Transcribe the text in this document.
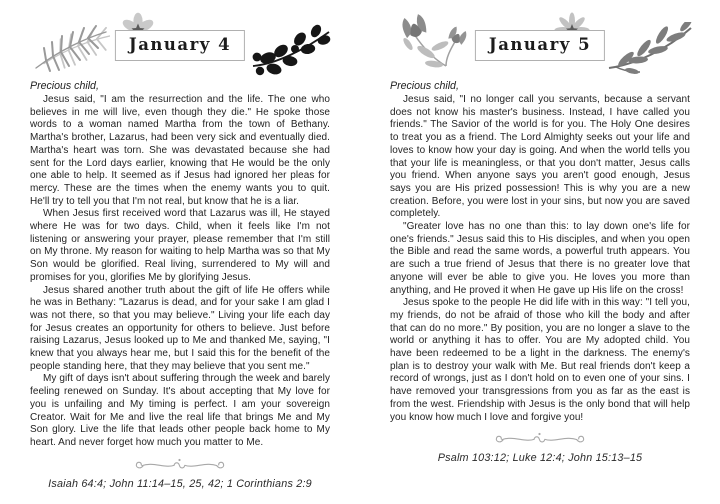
January 4
Precious child,

Jesus said, "I am the resurrection and the life. The one who believes in me will live, even though they die." He spoke those words to a woman named Martha from the town of Bethany. Martha's brother, Lazarus, had been very sick and eventually died. Martha's heart was torn. She was devastated because she had sent for the Lord days earlier, knowing that He would be the only one able to help. It seemed as if Jesus had ignored her pleas for mercy. These are the times when the enemy wants you to quit. He'll try to tell you that I'm not real, but know that he is a liar.

When Jesus first received word that Lazarus was ill, He stayed where He was for two days. Child, when it feels like I'm not listening or answering your prayer, please remember that I'm still on My throne. My reason for waiting to help Martha was so that My Son would be glorified. Real living, surrendered to My will and promises for you, glorifies Me by glorifying Jesus.

Jesus shared another truth about the gift of life He offers while he was in Bethany: "Lazarus is dead, and for your sake I am glad I was not there, so that you may believe." Living your life each day for Jesus creates an opportunity for others to believe. Just before raising Lazarus, Jesus looked up to Me and thanked Me, saying, "I knew that you always hear me, but I said this for the benefit of the people standing here, that they may believe that you sent me."

My gift of days isn't about suffering through the week and barely feeling renewed on Sunday. It's about accepting that My love for you is unfailing and My timing is perfect. I am your sovereign Creator. Wait for Me and live the real life that brings Me and My Son glory. Live the life that leads other people back home to My heart. And never forget how much you matter to Me.

Isaiah 64:4; John 11:14–15, 25, 42; 1 Corinthians 2:9
January 5
Precious child,

Jesus said, "I no longer call you servants, because a servant does not know his master's business. Instead, I have called you friends." The Savior of the world is for you. The Holy One desires to treat you as a friend. The Lord Almighty seeks out your life and loves to know how your day is going. And when the world tells you that your life is meaningless, or that you don't matter, Jesus calls you friend. When anyone says you aren't good enough, Jesus says you are His prized possession! This is why you are a new creation. Before, you were lost in your sins, but now you are saved completely.

"Greater love has no one than this: to lay down one's life for one's friends." Jesus said this to His disciples, and when you open the Bible and read the same words, a powerful truth appears. You are such a true friend of Jesus that there is no greater love that anyone will ever be able to give you. He loves you more than anything, and He proved it when He gave up His life on the cross!

Jesus spoke to the people He did life with in this way: "I tell you, my friends, do not be afraid of those who kill the body and after that can do no more." By position, you are no longer a slave to the world or anything it has to offer. You are My adopted child. You have been redeemed to be a light in the darkness. The enemy's plan is to destroy your walk with Me. But real friends don't keep a record of wrongs, just as I don't hold on to even one of your sins. I have removed your transgressions from you as far as the east is from the west. Friendship with Jesus is the only bond that will help you know how much I love and forgive you!

Psalm 103:12; Luke 12:4; John 15:13–15
